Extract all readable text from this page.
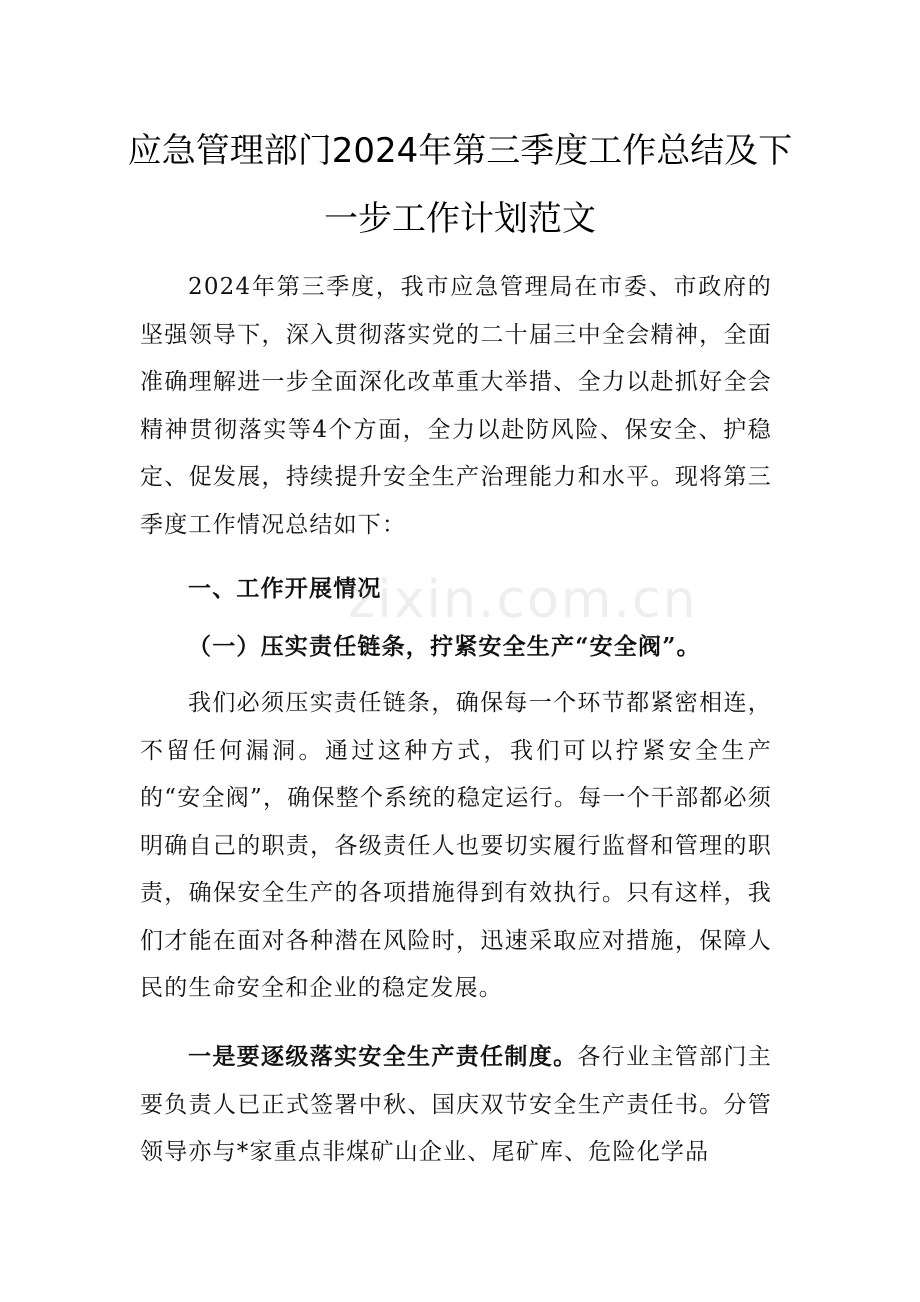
应急管理部门2024年第三季度工作总结及下
一步工作计划范文

2024年第三季度，我市应急管理局在市委、市政府的坚强领导下，深入贯彻落实党的二十届三中全会精神，全面准确理解进一步全面深化改革重大举措、全力以赴抓好全会精神贯彻落实等4个方面，全力以赴防风险、保安全、护稳定、促发展，持续提升安全生产治理能力和水平。现将第三季度工作情况总结如下：

一、工作开展情况
（一）压实责任链条，拧紧安全生产“安全阀”。

我们必须压实责任链条，确保每一个环节都紧密相连，不留任何漏洞。通过这种方式，我们可以拧紧安全生产的“安全阀”，确保整个系统的稳定运行。每一个干部都必须明确自己的职责，各级责任人也要切实履行监督和管理的职责，确保安全生产的各项措施得到有效执行。只有这样，我们才能在面对各种潜在风险时，迅速采取应对措施，保障人民的生命安全和企业的稳定发展。

一是要逐级落实安全生产责任制度。各行业主管部门主要负责人已正式签署中秋、国庆双节安全生产责任书。分管领导亦与*家重点非煤矿山企业、尾矿库、危险化学品

zixin.com.cn
